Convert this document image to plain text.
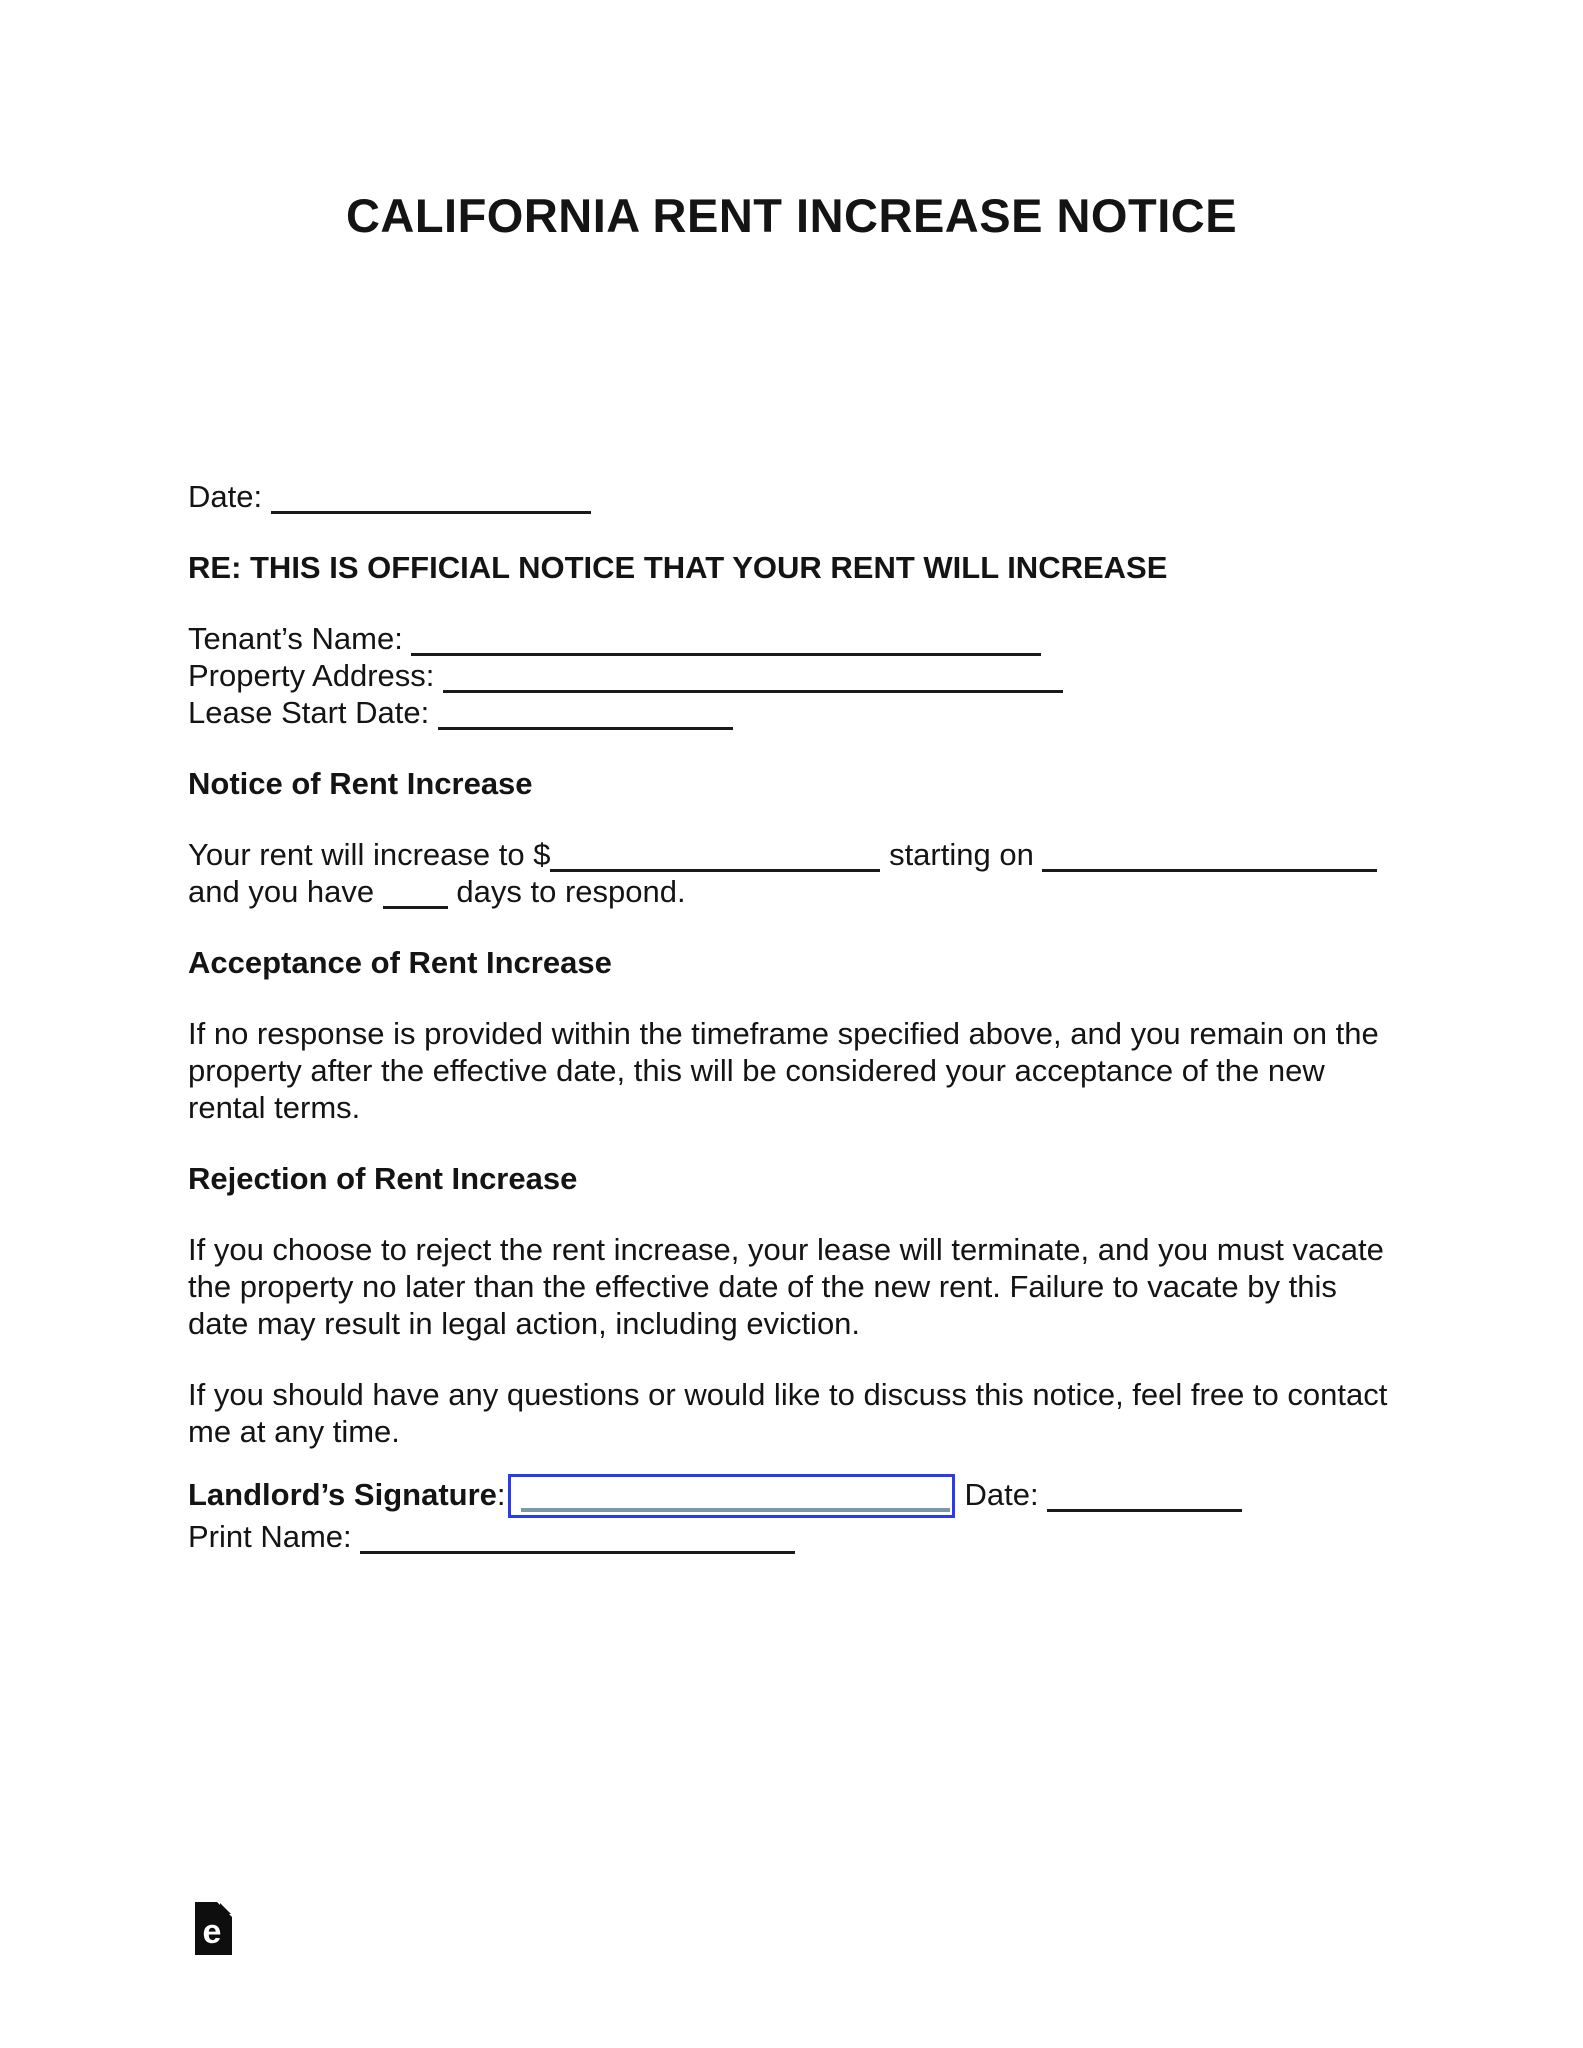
CALIFORNIA RENT INCREASE NOTICE
Date:
RE: THIS IS OFFICIAL NOTICE THAT YOUR RENT WILL INCREASE
Tenant’s Name:
Property Address:
Lease Start Date:
Notice of Rent Increase
Your rent will increase to $	starting on
and you have	days to respond.
Acceptance of Rent Increase
If no response is provided within the timeframe specified above, and you remain on the
property after the effective date, this will be considered your acceptance of the new
rental terms.
Rejection of Rent Increase
If you choose to reject the rent increase, your lease will terminate, and you must vacate
the property no later than the effective date of the new rent. Failure to vacate by this
date may result in legal action, including eviction.
If you should have any questions or would like to discuss this notice, feel free to contact
me at any time.
Landlord’s Signature:	Date:
Print Name:
e
